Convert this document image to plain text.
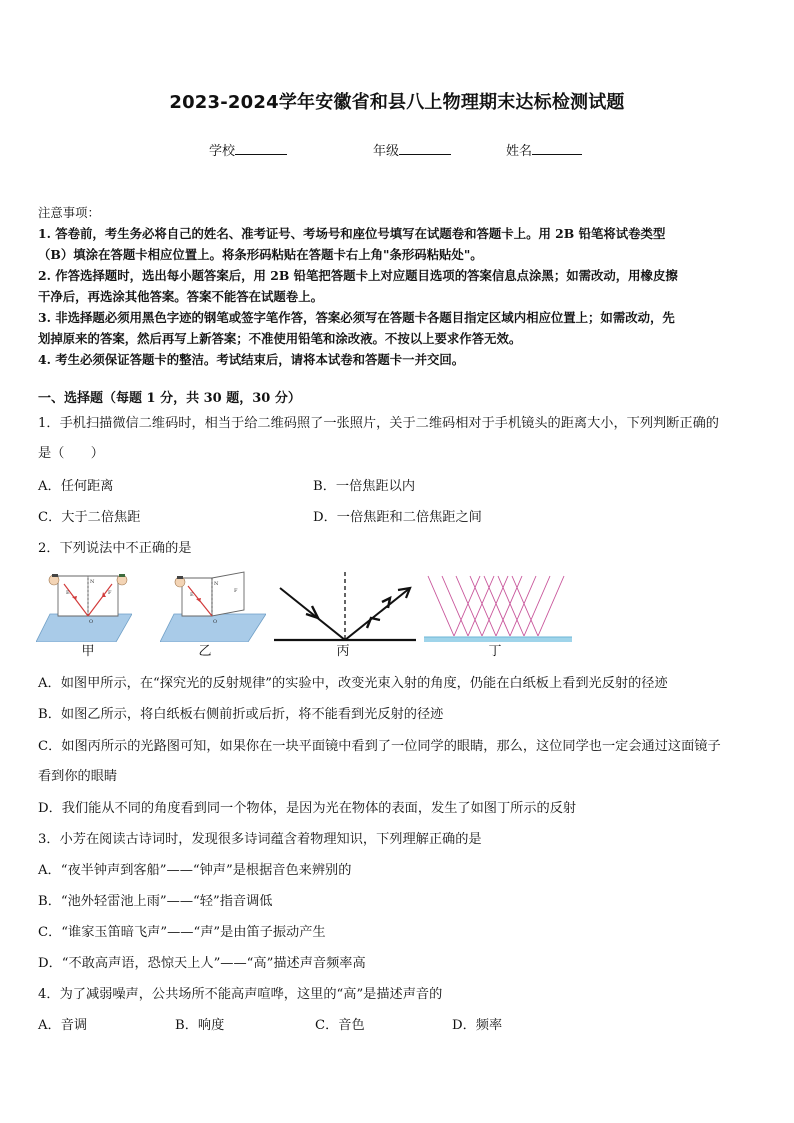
2023-2024学年安徽省和县八上物理期末达标检测试题
学校	年级	姓名

注意事项：

1. 答卷前，考生务必将自己的姓名、准考证号、考场号和座位号填写在试题卷和答题卡上。用 2B 铅笔将试卷类型

（B）填涂在答题卡相应位置上。将条形码粘贴在答题卡右上角"条形码粘贴处"。

2. 作答选择题时，选出每小题答案后，用 2B 铅笔把答题卡上对应题目选项的答案信息点涂黑；如需改动，用橡皮擦

干净后，再选涂其他答案。答案不能答在试题卷上。

3. 非选择题必须用黑色字迹的钢笔或签字笔作答，答案必须写在答题卡各题目指定区域内相应位置上；如需改动，先

划掉原来的答案，然后再写上新答案；不准使用铅笔和涂改液。不按以上要求作答无效。

4. 考生必须保证答题卡的整洁。考试结束后，请将本试卷和答题卡一并交回。

一、选择题（每题 1 分，共 30 题，30 分）
1．手机扫描微信二维码时，相当于给二维码照了一张照片，关于二维码相对于手机镜头的距离大小，下列判断正确的
是（　　）
A．任何距离	B．一倍焦距以内
C．大于二倍焦距	D．一倍焦距和二倍焦距之间
2．下列说法中不正确的是
N
E	F
O
甲
N
E
F
O
乙	丙	丁
A．如图甲所示，在“探究光的反射规律”的实验中，改变光束入射的角度，仍能在白纸板上看到光反射的径迹
B．如图乙所示，将白纸板右侧前折或后折，将不能看到光反射的径迹
C．如图丙所示的光路图可知，如果你在一块平面镜中看到了一位同学的眼睛，那么，这位同学也一定会通过这面镜子
看到你的眼睛
D．我们能从不同的角度看到同一个物体，是因为光在物体的表面，发生了如图丁所示的反射
3．小芳在阅读古诗词时，发现很多诗词蕴含着物理知识，下列理解正确的是
A．“夜半钟声到客船”——“钟声”是根据音色来辨别的
B．“池外轻雷池上雨”——“轻”指音调低
C．“谁家玉笛暗飞声”——“声”是由笛子振动产生
D．“不敢高声语，恐惊天上人”——“高”描述声音频率高
4．为了减弱噪声，公共场所不能高声喧哗，这里的“高”是描述声音的
A．音调	B．响度	C．音色	D．频率
